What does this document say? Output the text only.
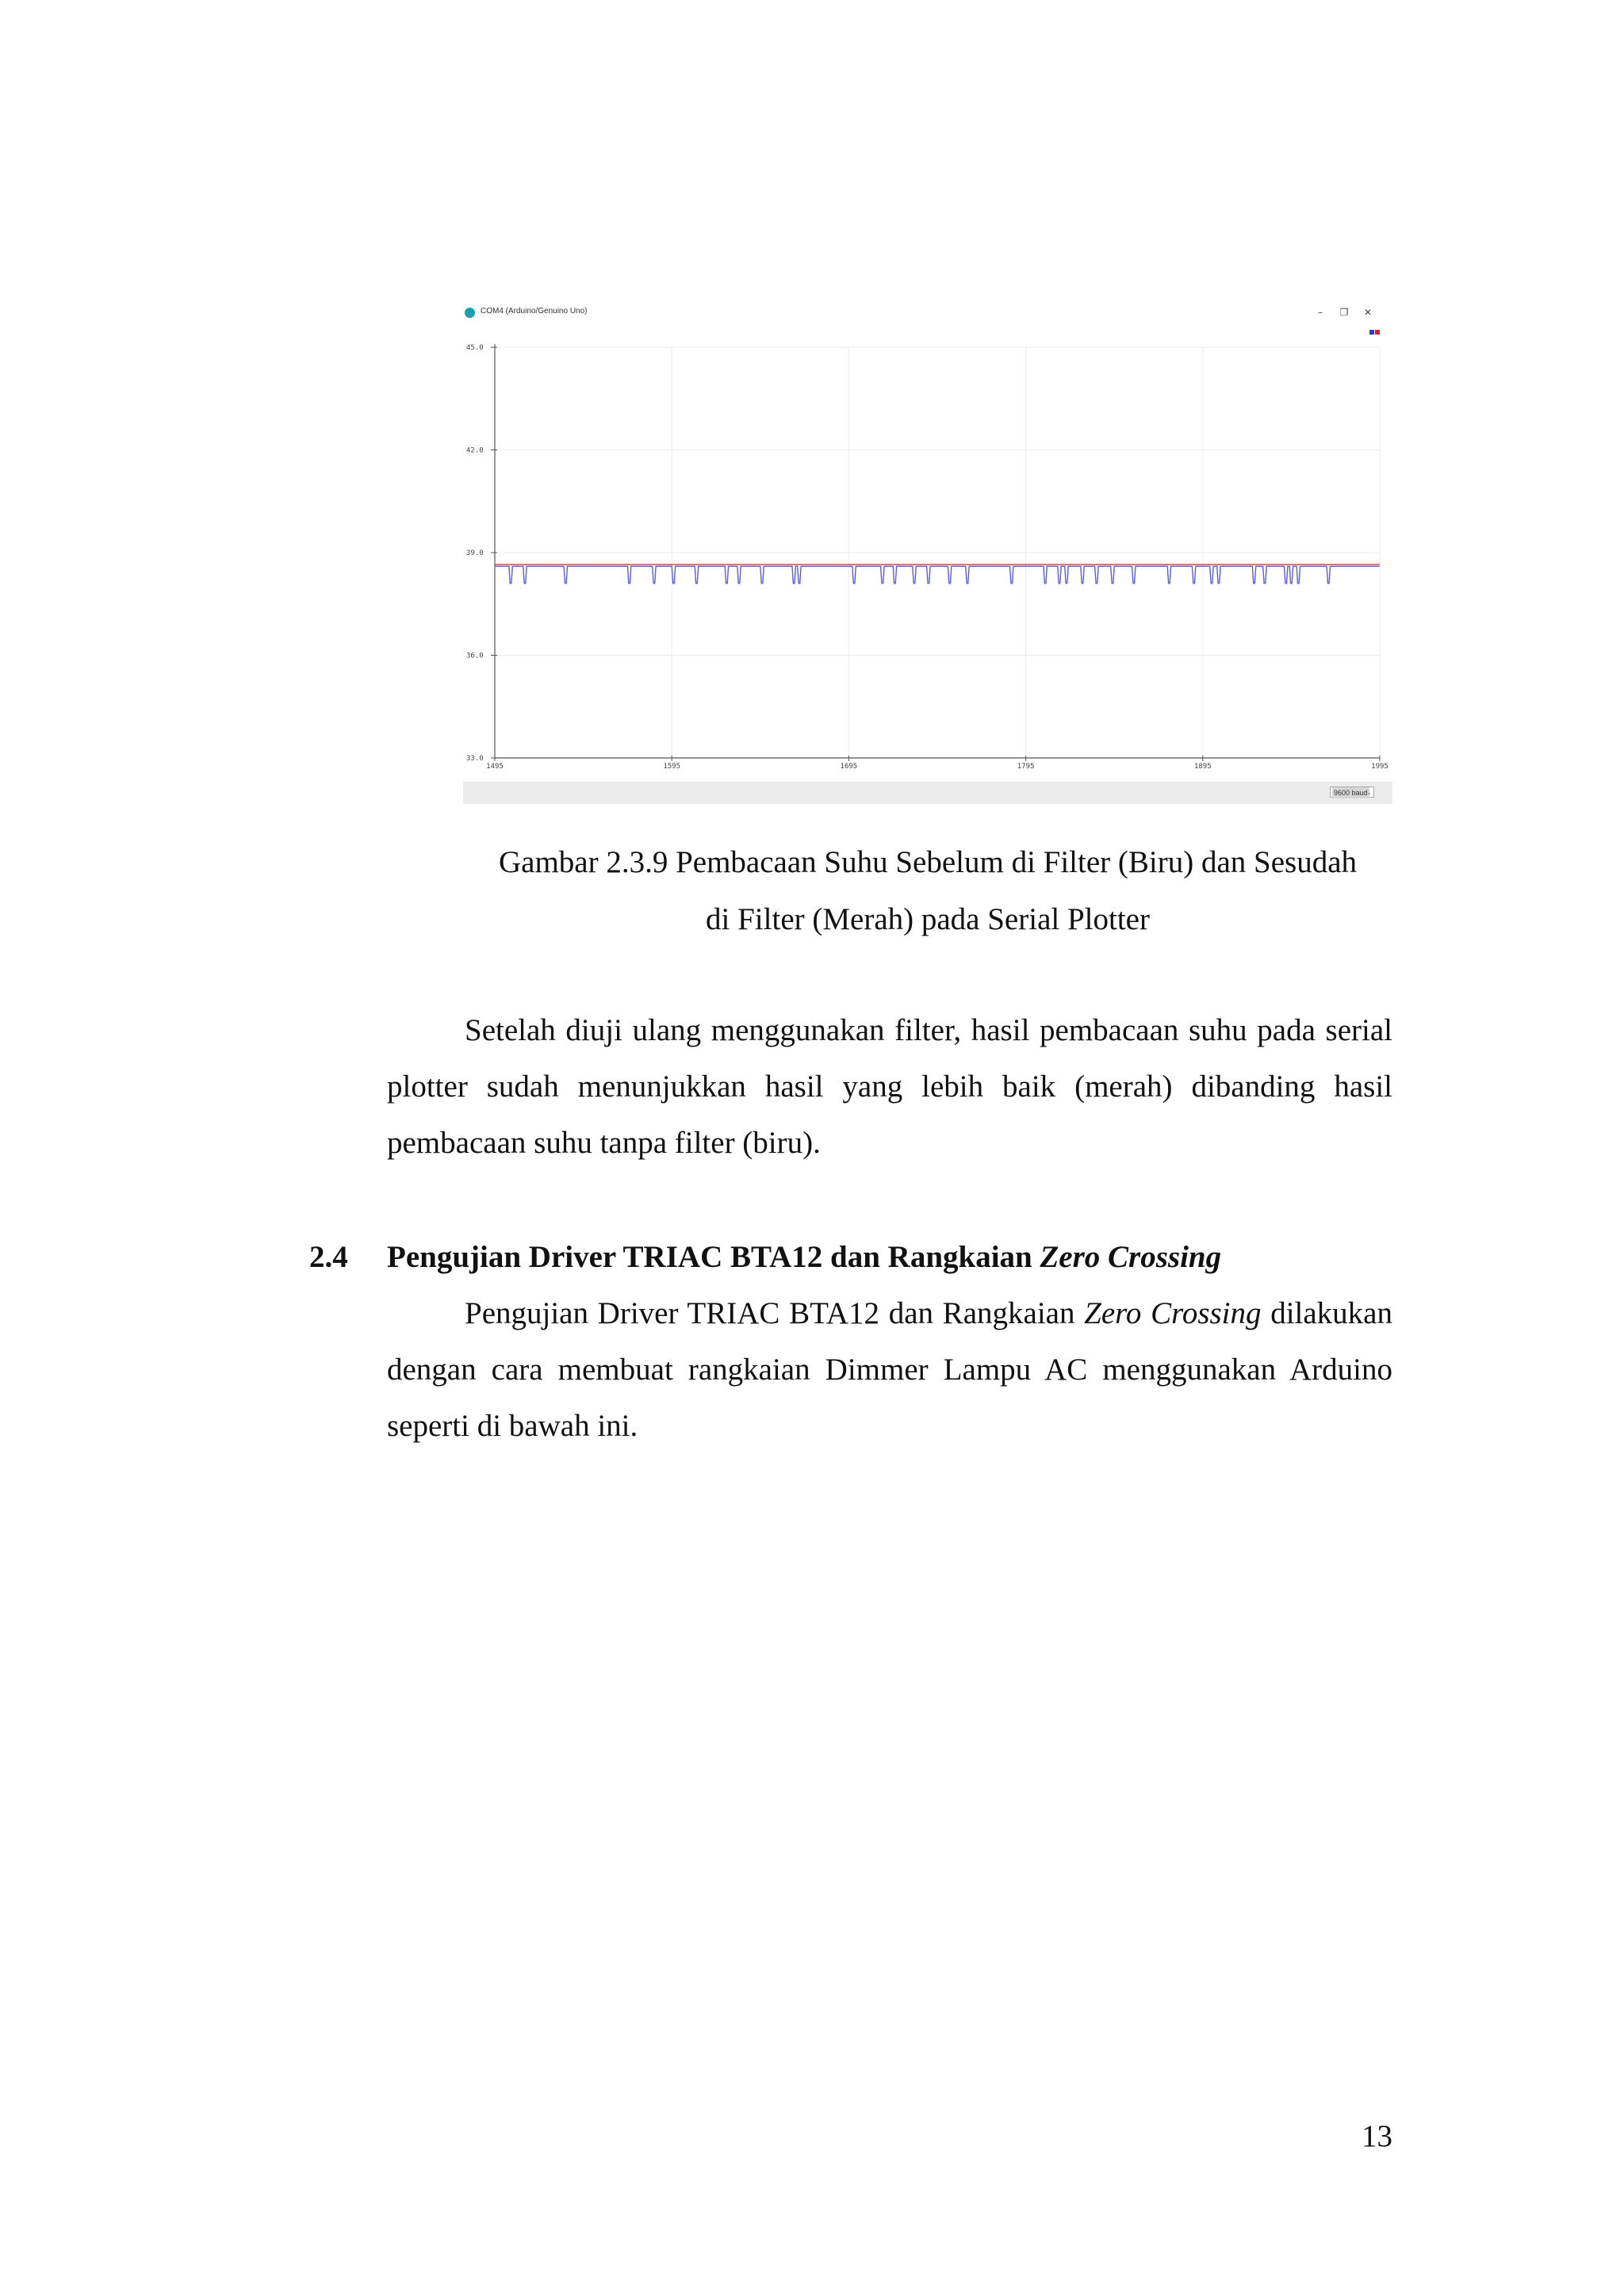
COM4 (Arduino/Genuino Uno)	–	❐	✕
45.0
42.0
39.0
36.0
33.0
1495	1595	1695	1795	1895	1995
9600 baud
⌄
Gambar 2.3.9 Pembacaan Suhu Sebelum di Filter (Biru) dan Sesudah
di Filter (Merah) pada Serial Plotter
Setelah diuji ulang menggunakan filter, hasil pembacaan suhu pada serial plotter sudah menunjukkan hasil yang lebih baik (merah) dibanding hasil pembacaan suhu tanpa filter (biru).
2.4 Pengujian Driver TRIAC BTA12 dan Rangkaian Zero Crossing
Pengujian Driver TRIAC BTA12 dan Rangkaian Zero Crossing dilakukan dengan cara membuat rangkaian Dimmer Lampu AC menggunakan Arduino seperti di bawah ini.
13
